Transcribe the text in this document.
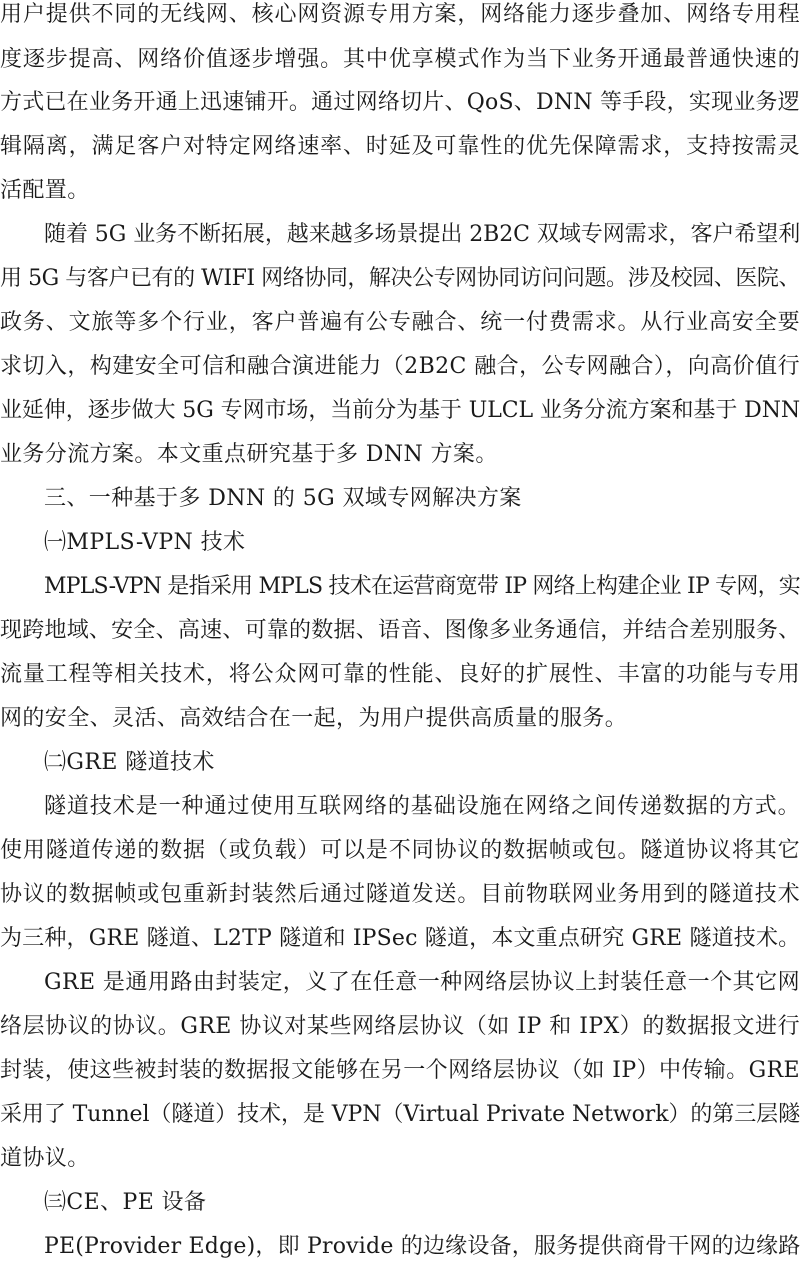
用户提供不同的无线网、核心网资源专用方案，网络能力逐步叠加、网络专用程

度逐步提高、网络价值逐步增强。其中优享模式作为当下业务开通最普通快速的

方式已在业务开通上迅速铺开。通过网络切片、QoS、DNN 等手段，实现业务逻

辑隔离，满足客户对特定网络速率、时延及可靠性的优先保障需求，支持按需灵

活配置。

随着 5G 业务不断拓展，越来越多场景提出 2B2C 双域专网需求，客户希望利

用 5G 与客户已有的 WIFI 网络协同，解决公专网协同访问问题。涉及校园、医院、

政务、文旅等多个行业，客户普遍有公专融合、统一付费需求。从行业高安全要

求切入，构建安全可信和融合演进能力（2B2C 融合，公专网融合），向高价值行

业延伸，逐步做大 5G 专网市场，当前分为基于 ULCL 业务分流方案和基于 DNN

业务分流方案。本文重点研究基于多 DNN 方案。

三、一种基于多 DNN 的 5G 双域专网解决方案

㈠MPLS-VPN 技术

MPLS-VPN 是指采用 MPLS 技术在运营商宽带 IP 网络上构建企业 IP 专网，实

现跨地域、安全、高速、可靠的数据、语音、图像多业务通信，并结合差别服务、

流量工程等相关技术，将公众网可靠的性能、良好的扩展性、丰富的功能与专用

网的安全、灵活、高效结合在一起，为用户提供高质量的服务。

㈡GRE 隧道技术

隧道技术是一种通过使用互联网络的基础设施在网络之间传递数据的方式。

使用隧道传递的数据（或负载）可以是不同协议的数据帧或包。隧道协议将其它

协议的数据帧或包重新封装然后通过隧道发送。目前物联网业务用到的隧道技术

为三种，GRE 隧道、L2TP 隧道和 IPSec 隧道，本文重点研究 GRE 隧道技术。

GRE 是通用路由封装定，义了在任意一种网络层协议上封装任意一个其它网

络层协议的协议。GRE 协议对某些网络层协议（如 IP 和 IPX）的数据报文进行

封装，使这些被封装的数据报文能够在另一个网络层协议（如 IP）中传输。GRE

采用了 Tunnel（隧道）技术，是 VPN（Virtual Private Network）的第三层隧

道协议。

㈢CE、PE 设备

PE(Provider Edge)，即 Provide 的边缘设备，服务提供商骨干网的边缘路
